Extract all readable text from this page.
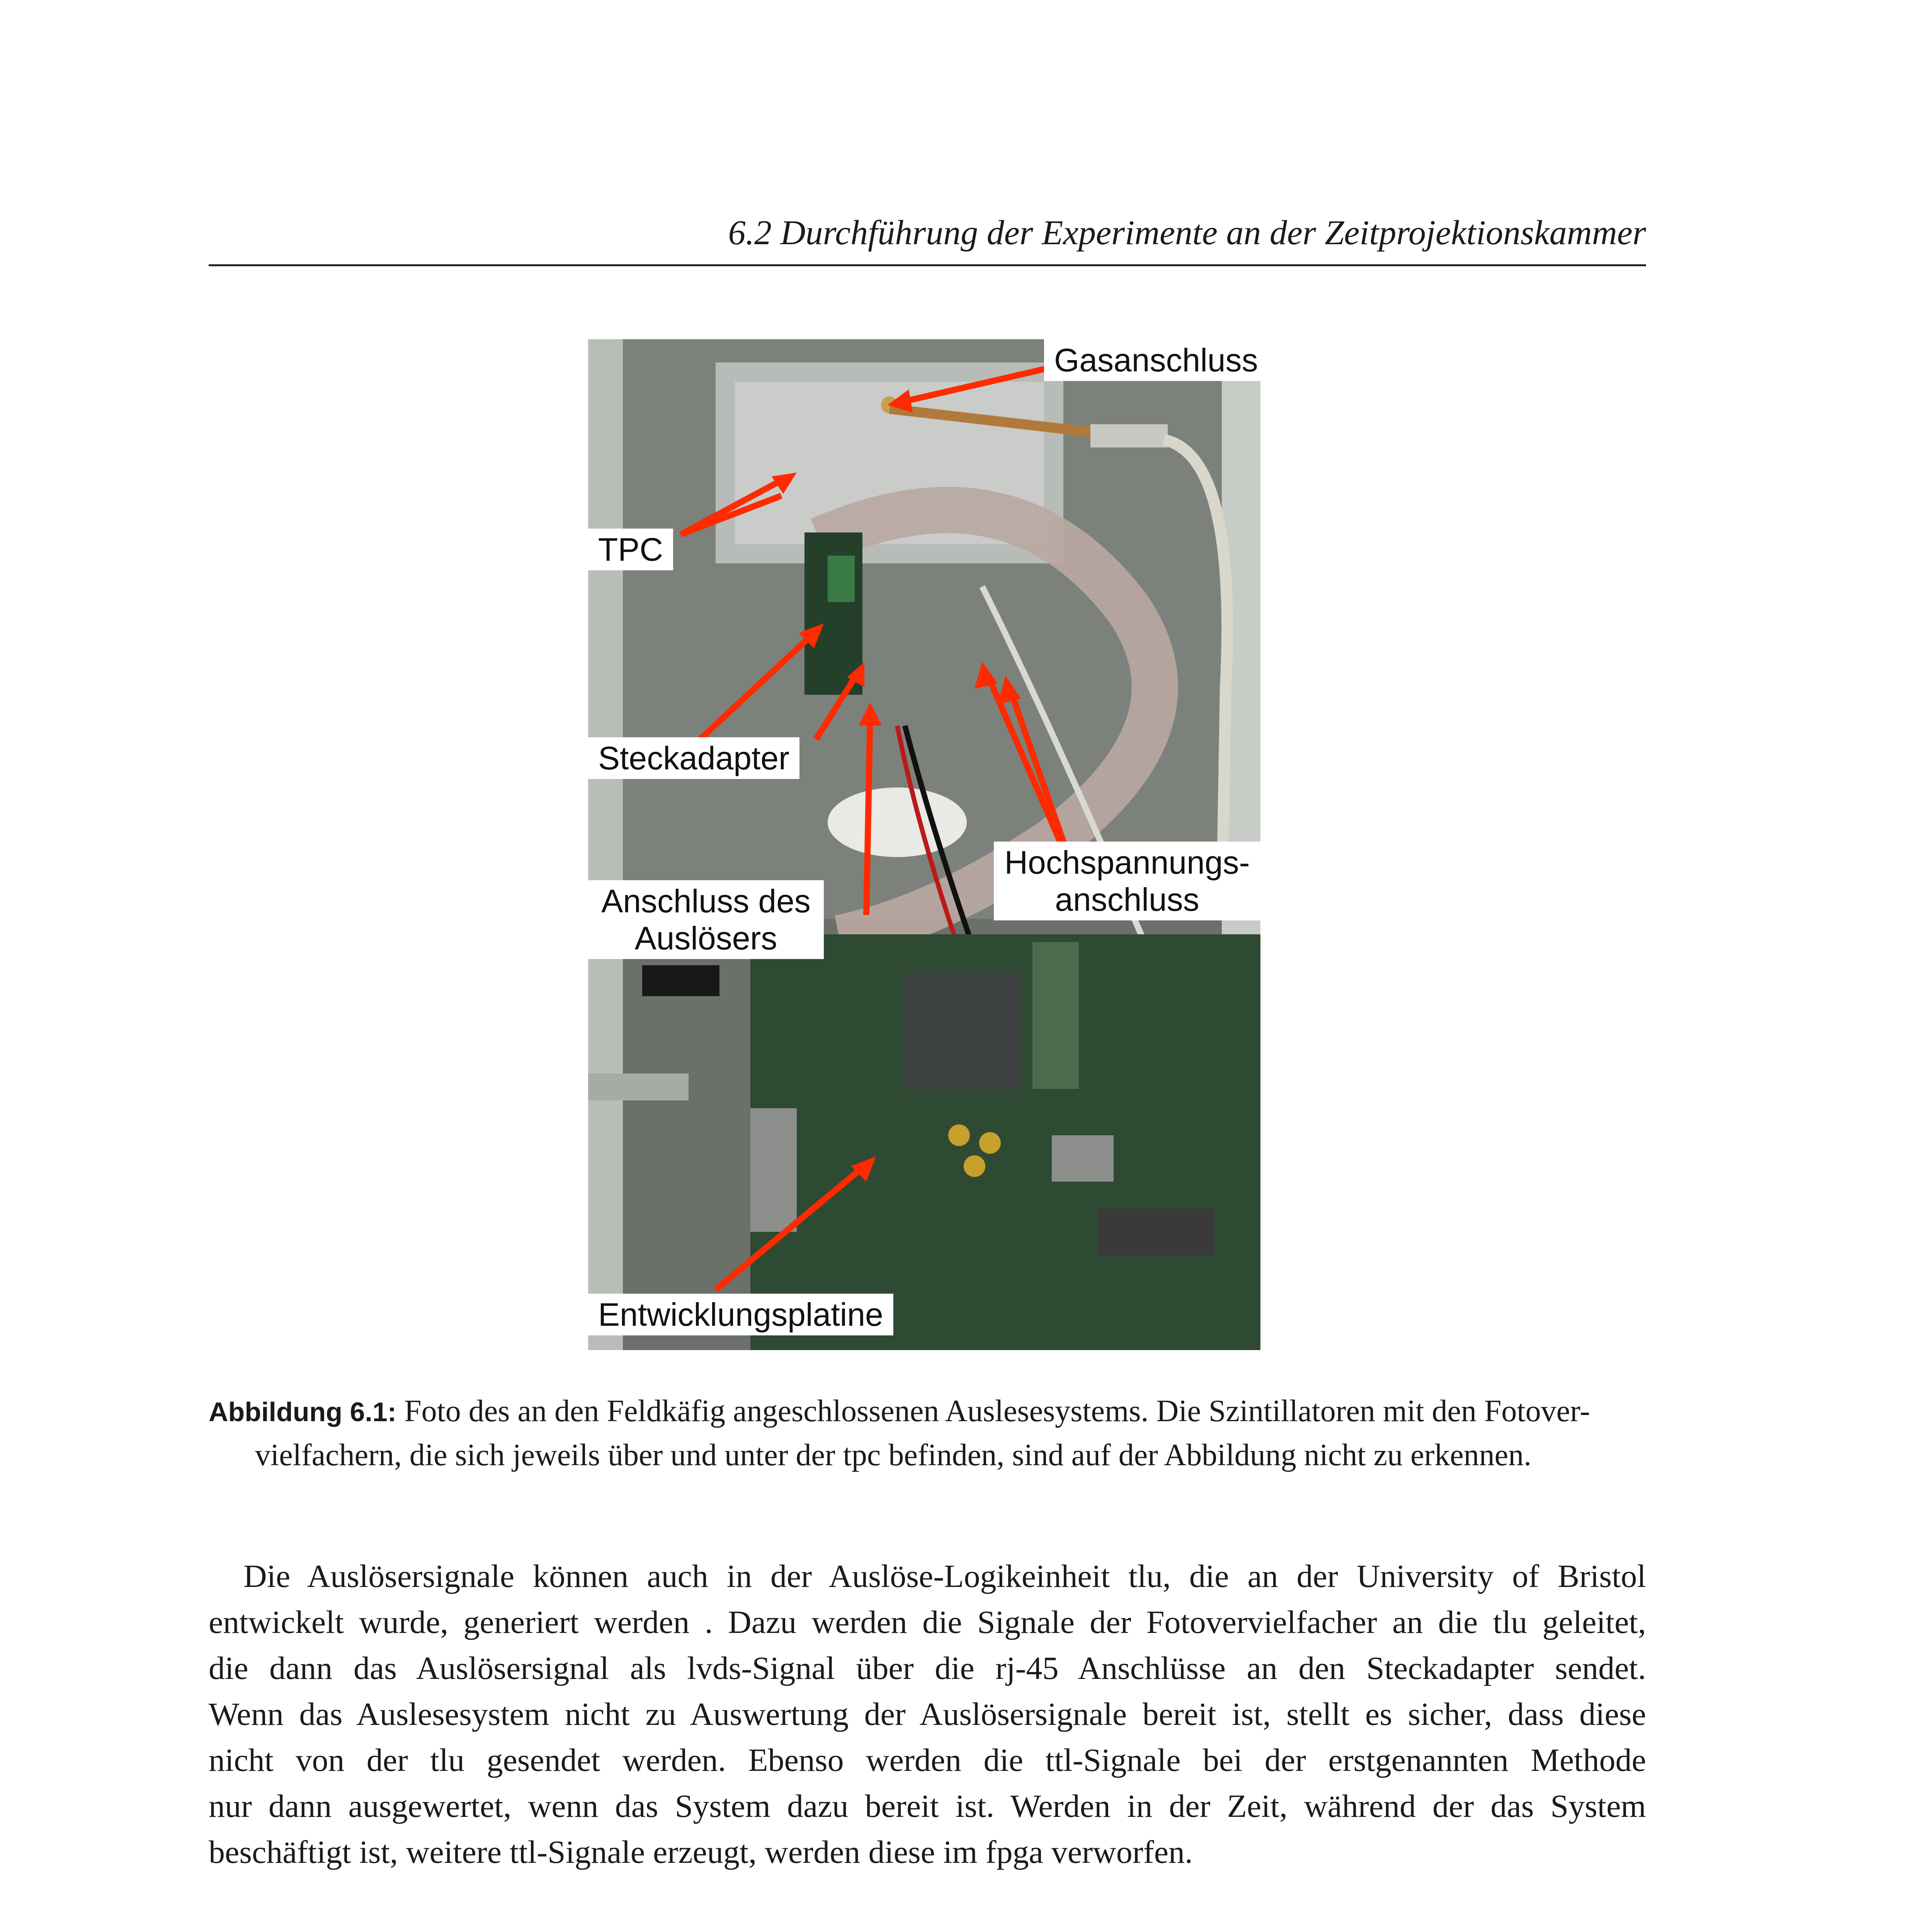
6.2 Durchführung der Experimente an der Zeitprojektionskammer
Gasanschluss
TPC
Steckadapter
Hochspannungs-
anschluss
Anschluss des
Auslösers
Entwicklungsplatine
Abbildung 6.1: Foto des an den Feldkäfig angeschlossenen Auslesesystems. Die Szintillatoren mit den Fotover-
vielfachern, die sich jeweils über und unter der tpc befinden, sind auf der Abbildung nicht zu erkennen.
Die Auslösersignale können auch in der Auslöse-Logikeinheit tlu, die an der University of Bristol
entwickelt wurde, generiert werden . Dazu werden die Signale der Fotovervielfacher an die tlu geleitet,
die dann das Auslösersignal als lvds-Signal über die rj-45 Anschlüsse an den Steckadapter sendet.
Wenn das Auslesesystem nicht zu Auswertung der Auslösersignale bereit ist, stellt es sicher, dass diese
nicht von der tlu gesendet werden. Ebenso werden die ttl-Signale bei der erstgenannten Methode
nur dann ausgewertet, wenn das System dazu bereit ist. Werden in der Zeit, während der das System
beschäftigt ist, weitere ttl-Signale erzeugt, werden diese im fpga verworfen.
